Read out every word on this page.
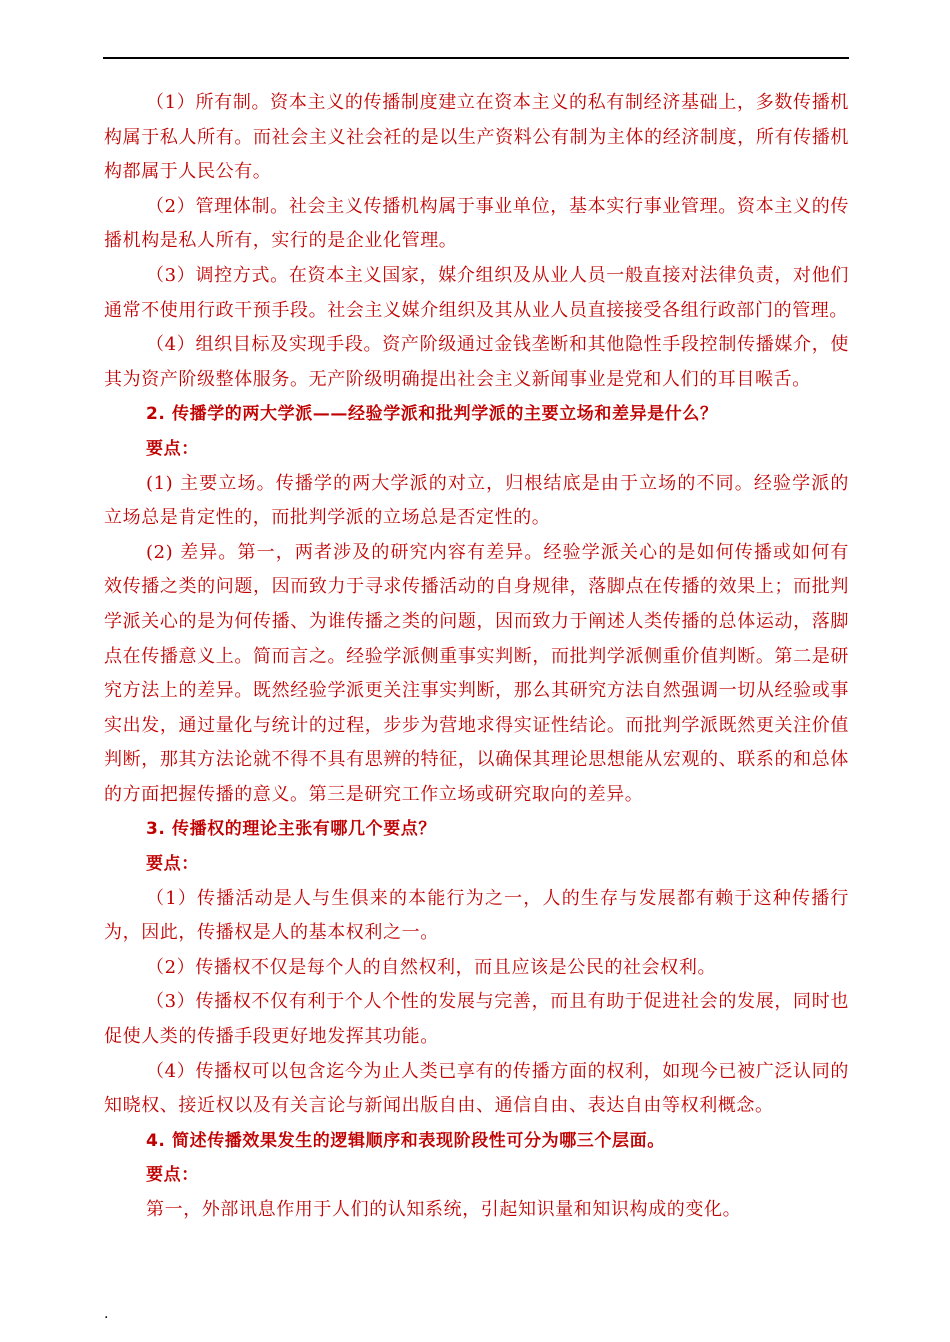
（1）所有制。资本主义的传播制度建立在资本主义的私有制经济基础上，多数传播机构属于私人所有。而社会主义社会衽的是以生产资料公有制为主体的经济制度，所有传播机构都属于人民公有。

（2）管理体制。社会主义传播机构属于事业单位，基本实行事业管理。资本主义的传播机构是私人所有，实行的是企业化管理。

（3）调控方式。在资本主义国家，媒介组织及从业人员一般直接对法律负责，对他们通常不使用行政干预手段。社会主义媒介组织及其从业人员直接接受各组行政部门的管理。

（4）组织目标及实现手段。资产阶级通过金钱垄断和其他隐性手段控制传播媒介，使其为资产阶级整体服务。无产阶级明确提出社会主义新闻事业是党和人们的耳目喉舌。

2. 传播学的两大学派——经验学派和批判学派的主要立场和差异是什么？

要点：

(1) 主要立场。传播学的两大学派的对立，归根结底是由于立场的不同。经验学派的立场总是肯定性的，而批判学派的立场总是否定性的。

(2) 差异。第一，两者涉及的研究内容有差异。经验学派关心的是如何传播或如何有效传播之类的问题，因而致力于寻求传播活动的自身规律，落脚点在传播的效果上；而批判学派关心的是为何传播、为谁传播之类的问题，因而致力于阐述人类传播的总体运动，落脚点在传播意义上。简而言之。经验学派侧重事实判断，而批判学派侧重价值判断。第二是研究方法上的差异。既然经验学派更关注事实判断，那么其研究方法自然强调一切从经验或事实出发，通过量化与统计的过程，步步为营地求得实证性结论。而批判学派既然更关注价值判断，那其方法论就不得不具有思辨的特征，以确保其理论思想能从宏观的、联系的和总体的方面把握传播的意义。第三是研究工作立场或研究取向的差异。

3. 传播权的理论主张有哪几个要点？

要点：

（1）传播活动是人与生俱来的本能行为之一，人的生存与发展都有赖于这种传播行为，因此，传播权是人的基本权利之一。

（2）传播权不仅是每个人的自然权利，而且应该是公民的社会权利。

（3）传播权不仅有利于个人个性的发展与完善，而且有助于促进社会的发展，同时也促使人类的传播手段更好地发挥其功能。

（4）传播权可以包含迄今为止人类已享有的传播方面的权利，如现今已被广泛认同的知晓权、接近权以及有关言论与新闻出版自由、通信自由、表达自由等权利概念。

4. 简述传播效果发生的逻辑顺序和表现阶段性可分为哪三个层面。

要点：

第一，外部讯息作用于人们的认知系统，引起知识量和知识构成的变化。

.
